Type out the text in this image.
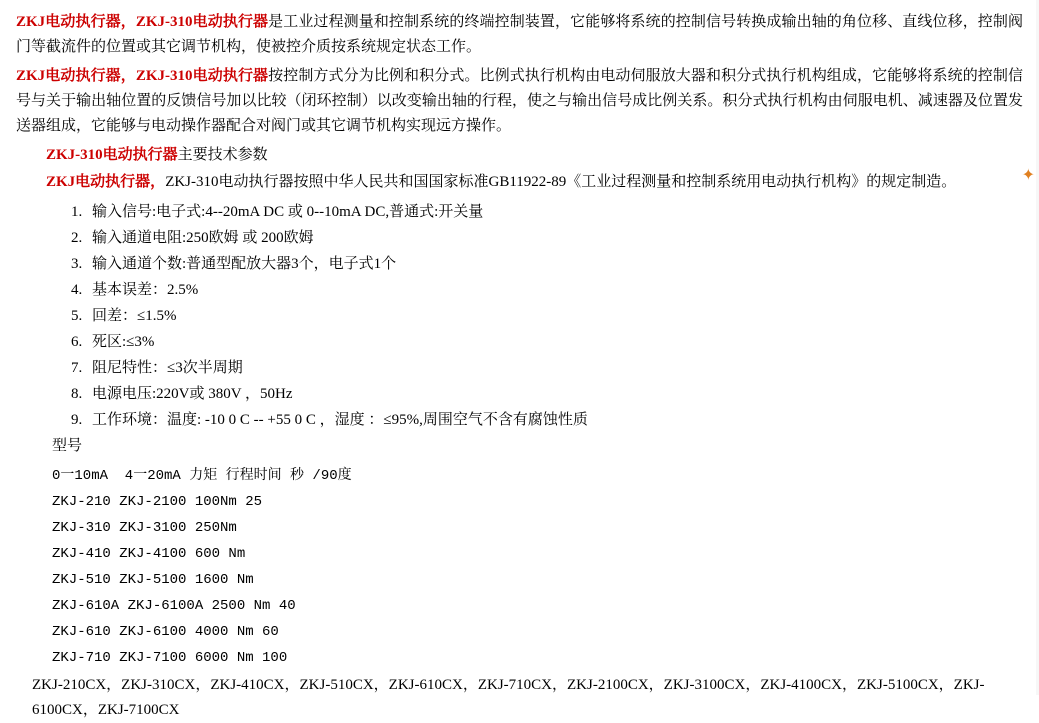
ZKJ电动执行器，ZKJ-310电动执行器是工业过程测量和控制系统的终端控制装置，它能够将系统的控制信号转换成输出轴的角位移、直线位移，控制阀门等截流件的位置或其它调节机构，使被控介质按系统规定状态工作。

ZKJ电动执行器，ZKJ-310电动执行器按控制方式分为比例和积分式。比例式执行机构由电动伺服放大器和积分式执行机构组成，它能够将系统的控制信号与关于输出轴位置的反馈信号加以比较（闭环控制）以改变输出轴的行程，使之与输出信号成比例关系。积分式执行机构由伺服电机、减速器及位置发送器组成，它能够与电动操作器配合对阀门或其它调节机构实现远方操作。

ZKJ-310电动执行器主要技术参数

ZKJ电动执行器，ZKJ-310电动执行器按照中华人民共和国国家标准GB11922-89《工业过程测量和控制系统用电动执行机构》的规定制造。

1. 输入信号:电子式:4--20mA DC 或 0--10mA DC,普通式:开关量
2. 输入通道电阻:250欧姆 或 200欧姆
3. 输入通道个数:普通型配放大器3个，电子式1个
4. 基本误差：2.5%
5. 回差：≤1.5%
6. 死区:≤3%
7. 阻尼特性：≤3次半周期
8. 电源电压:220V或 380V ，50Hz
9. 工作环境：温度: -10 0 C -- +55 0 C ，湿度 ：≤95%,周围空气不含有腐蚀性质
型号
0一10mA  4一20mA 力矩 行程时间 秒 /90度
ZKJ-210 ZKJ-2100 100Nm 25
ZKJ-310 ZKJ-3100 250Nm
ZKJ-410 ZKJ-4100 600 Nm
ZKJ-510 ZKJ-5100 1600 Nm
ZKJ-610A ZKJ-6100A 2500 Nm 40
ZKJ-610 ZKJ-6100 4000 Nm 60
ZKJ-710 ZKJ-7100 6000 Nm 100
ZKJ-210CX，ZKJ-310CX，ZKJ-410CX，ZKJ-510CX，ZKJ-610CX，ZKJ-710CX，ZKJ-2100CX，ZKJ-3100CX，ZKJ-4100CX，ZKJ-5100CX，ZKJ-6100CX，ZKJ-7100CX
✦
